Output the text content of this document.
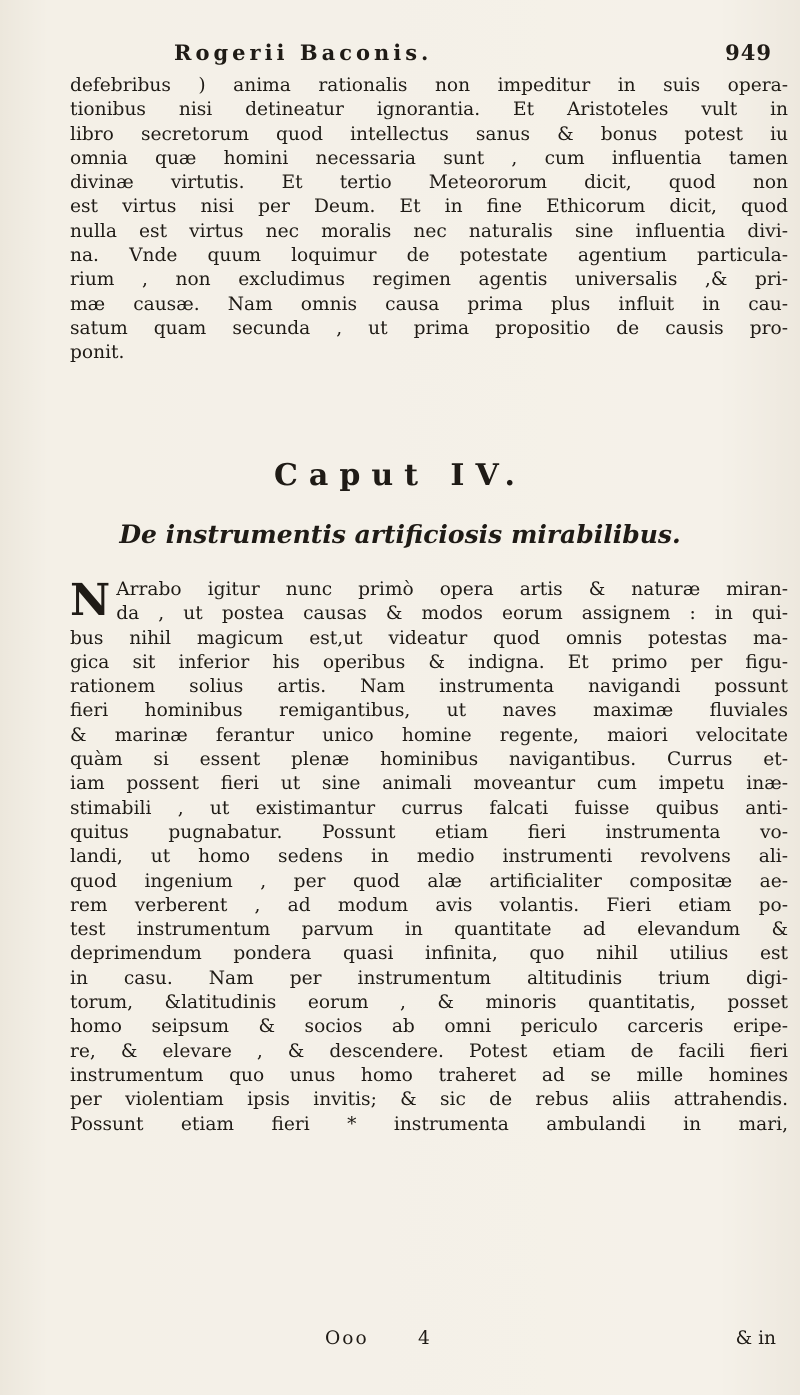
Rogerii Baconis.	949
defebribus ) anima rationalis non impeditur in suis opera-
tionibus nisi detineatur ignorantia. Et Aristoteles vult in
libro secretorum quod intellectus sanus & bonus potest iu
omnia quæ homini necessaria sunt , cum influentia tamen
divinæ virtutis. Et tertio Meteororum dicit, quod non
est virtus nisi per Deum. Et in fine Ethicorum dicit, quod
nulla est virtus nec moralis nec naturalis sine influentia divi-
na. Vnde quum loquimur de potestate agentium particula-
rium , non excludimus regimen agentis universalis ,& pri-
mæ causæ. Nam omnis causa prima plus influit in cau-
satum quam secunda , ut prima propositio de causis pro-
ponit.
Caput IV.
De instrumentis artificiosis mirabilibus.
N Arrabo igitur nunc primò opera artis & naturæ miran-
da , ut postea causas & modos eorum assignem : in qui-
bus nihil magicum est,ut videatur quod omnis potestas ma-
gica sit inferior his operibus & indigna. Et primo per figu-
rationem solius artis. Nam instrumenta navigandi possunt
fieri hominibus remigantibus, ut naves maximæ fluviales
& marinæ ferantur unico homine regente, maiori velocitate
quàm si essent plenæ hominibus navigantibus. Currus et-
iam possent fieri ut sine animali moveantur cum impetu inæ-
stimabili , ut existimantur currus falcati fuisse quibus anti-
quitus pugnabatur. Possunt etiam fieri instrumenta vo-
landi, ut homo sedens in medio instrumenti revolvens ali-
quod ingenium , per quod alæ artificialiter compositæ ae-
rem verberent , ad modum avis volantis. Fieri etiam po-
test instrumentum parvum in quantitate ad elevandum &
deprimendum pondera quasi infinita, quo nihil utilius est
in casu. Nam per instrumentum altitudinis trium digi-
torum, &latitudinis eorum , & minoris quantitatis, posset
homo seipsum & socios ab omni periculo carceris eripe-
re, & elevare , & descendere. Potest etiam de facili fieri
instrumentum quo unus homo traheret ad se mille homines
per violentiam ipsis invitis; & sic de rebus aliis attrahendis.
Possunt etiam fieri * instrumenta ambulandi in mari,
Ooo	4	& in
